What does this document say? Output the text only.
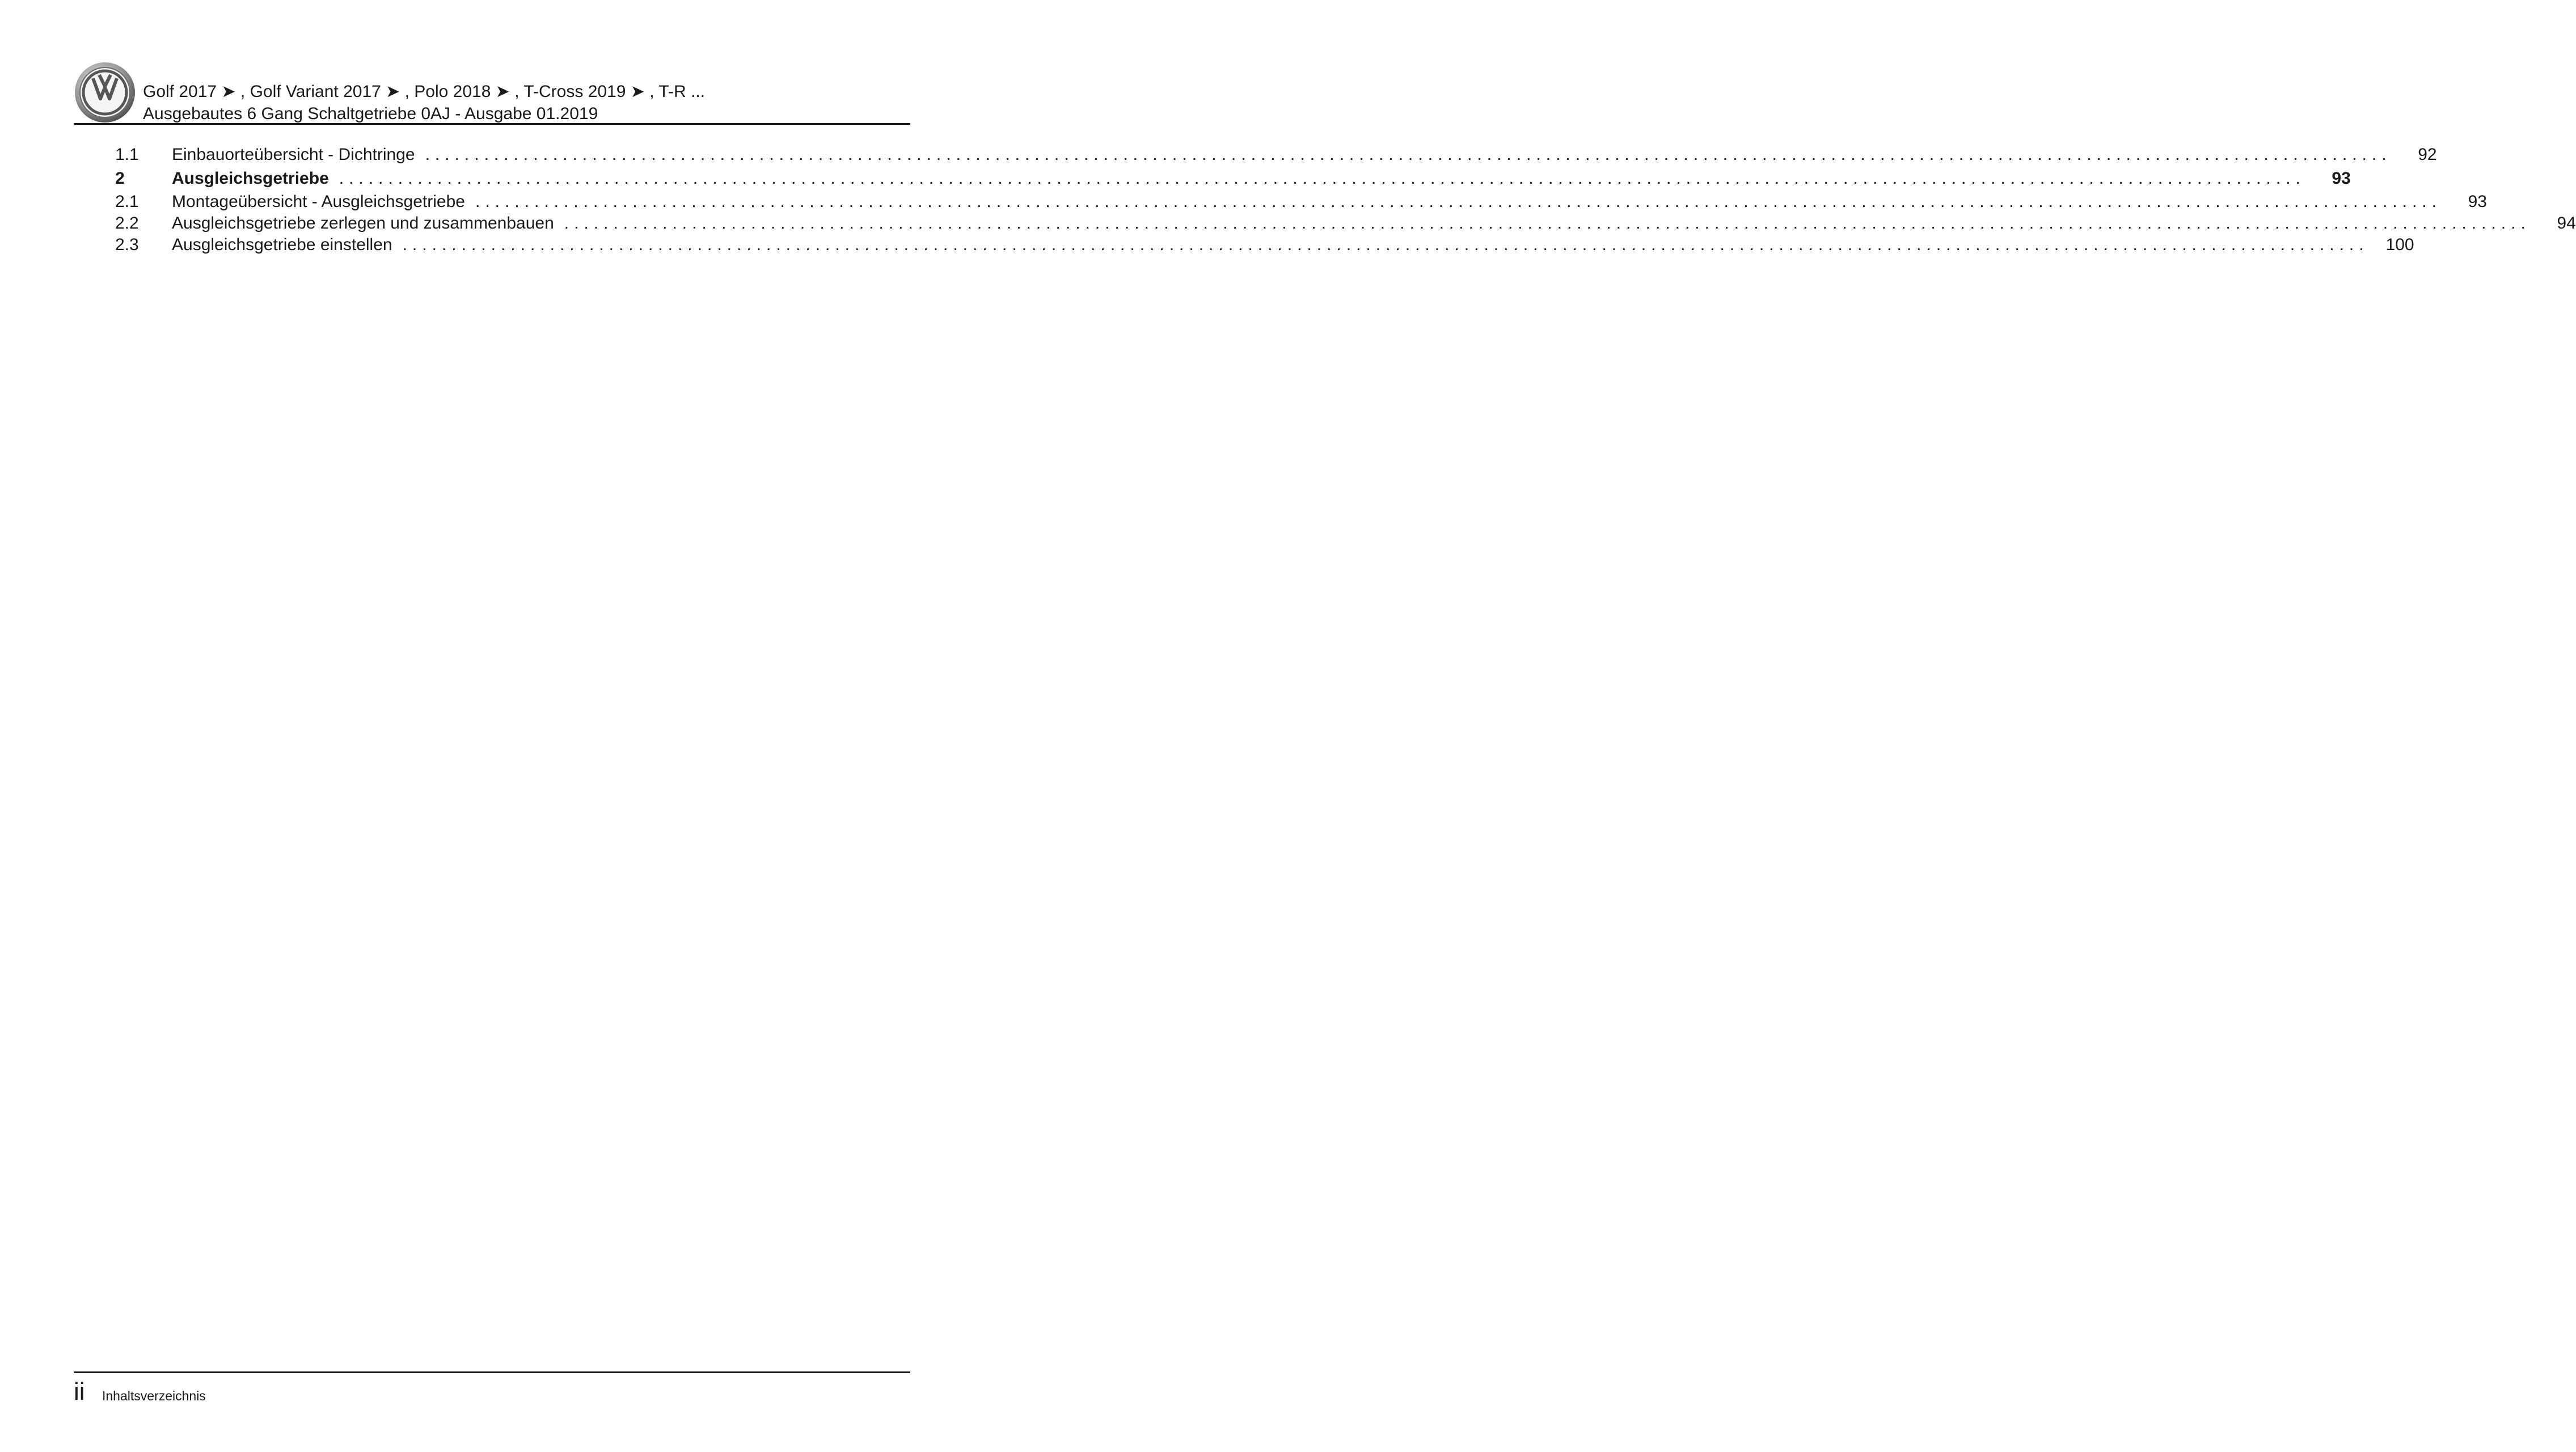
Golf 2017 ➤ , Golf Variant 2017 ➤ , Polo 2018 ➤ , T-Cross 2019 ➤ , T-R ...
Ausgebautes 6 Gang Schaltgetriebe 0AJ - Ausgabe 01.2019
1.1	Einbauorteübersicht - Dichtringe ........................................................................................................................................................................................................	92
2	Ausgleichsgetriebe ........................................................................................................................................................................................................	93
2.1	Montageübersicht - Ausgleichsgetriebe ........................................................................................................................................................................................................	93
2.2	Ausgleichsgetriebe zerlegen und zusammenbauen ........................................................................................................................................................................................................	94
2.3	Ausgleichsgetriebe einstellen ........................................................................................................................................................................................................ 100
ii Inhaltsverzeichnis
